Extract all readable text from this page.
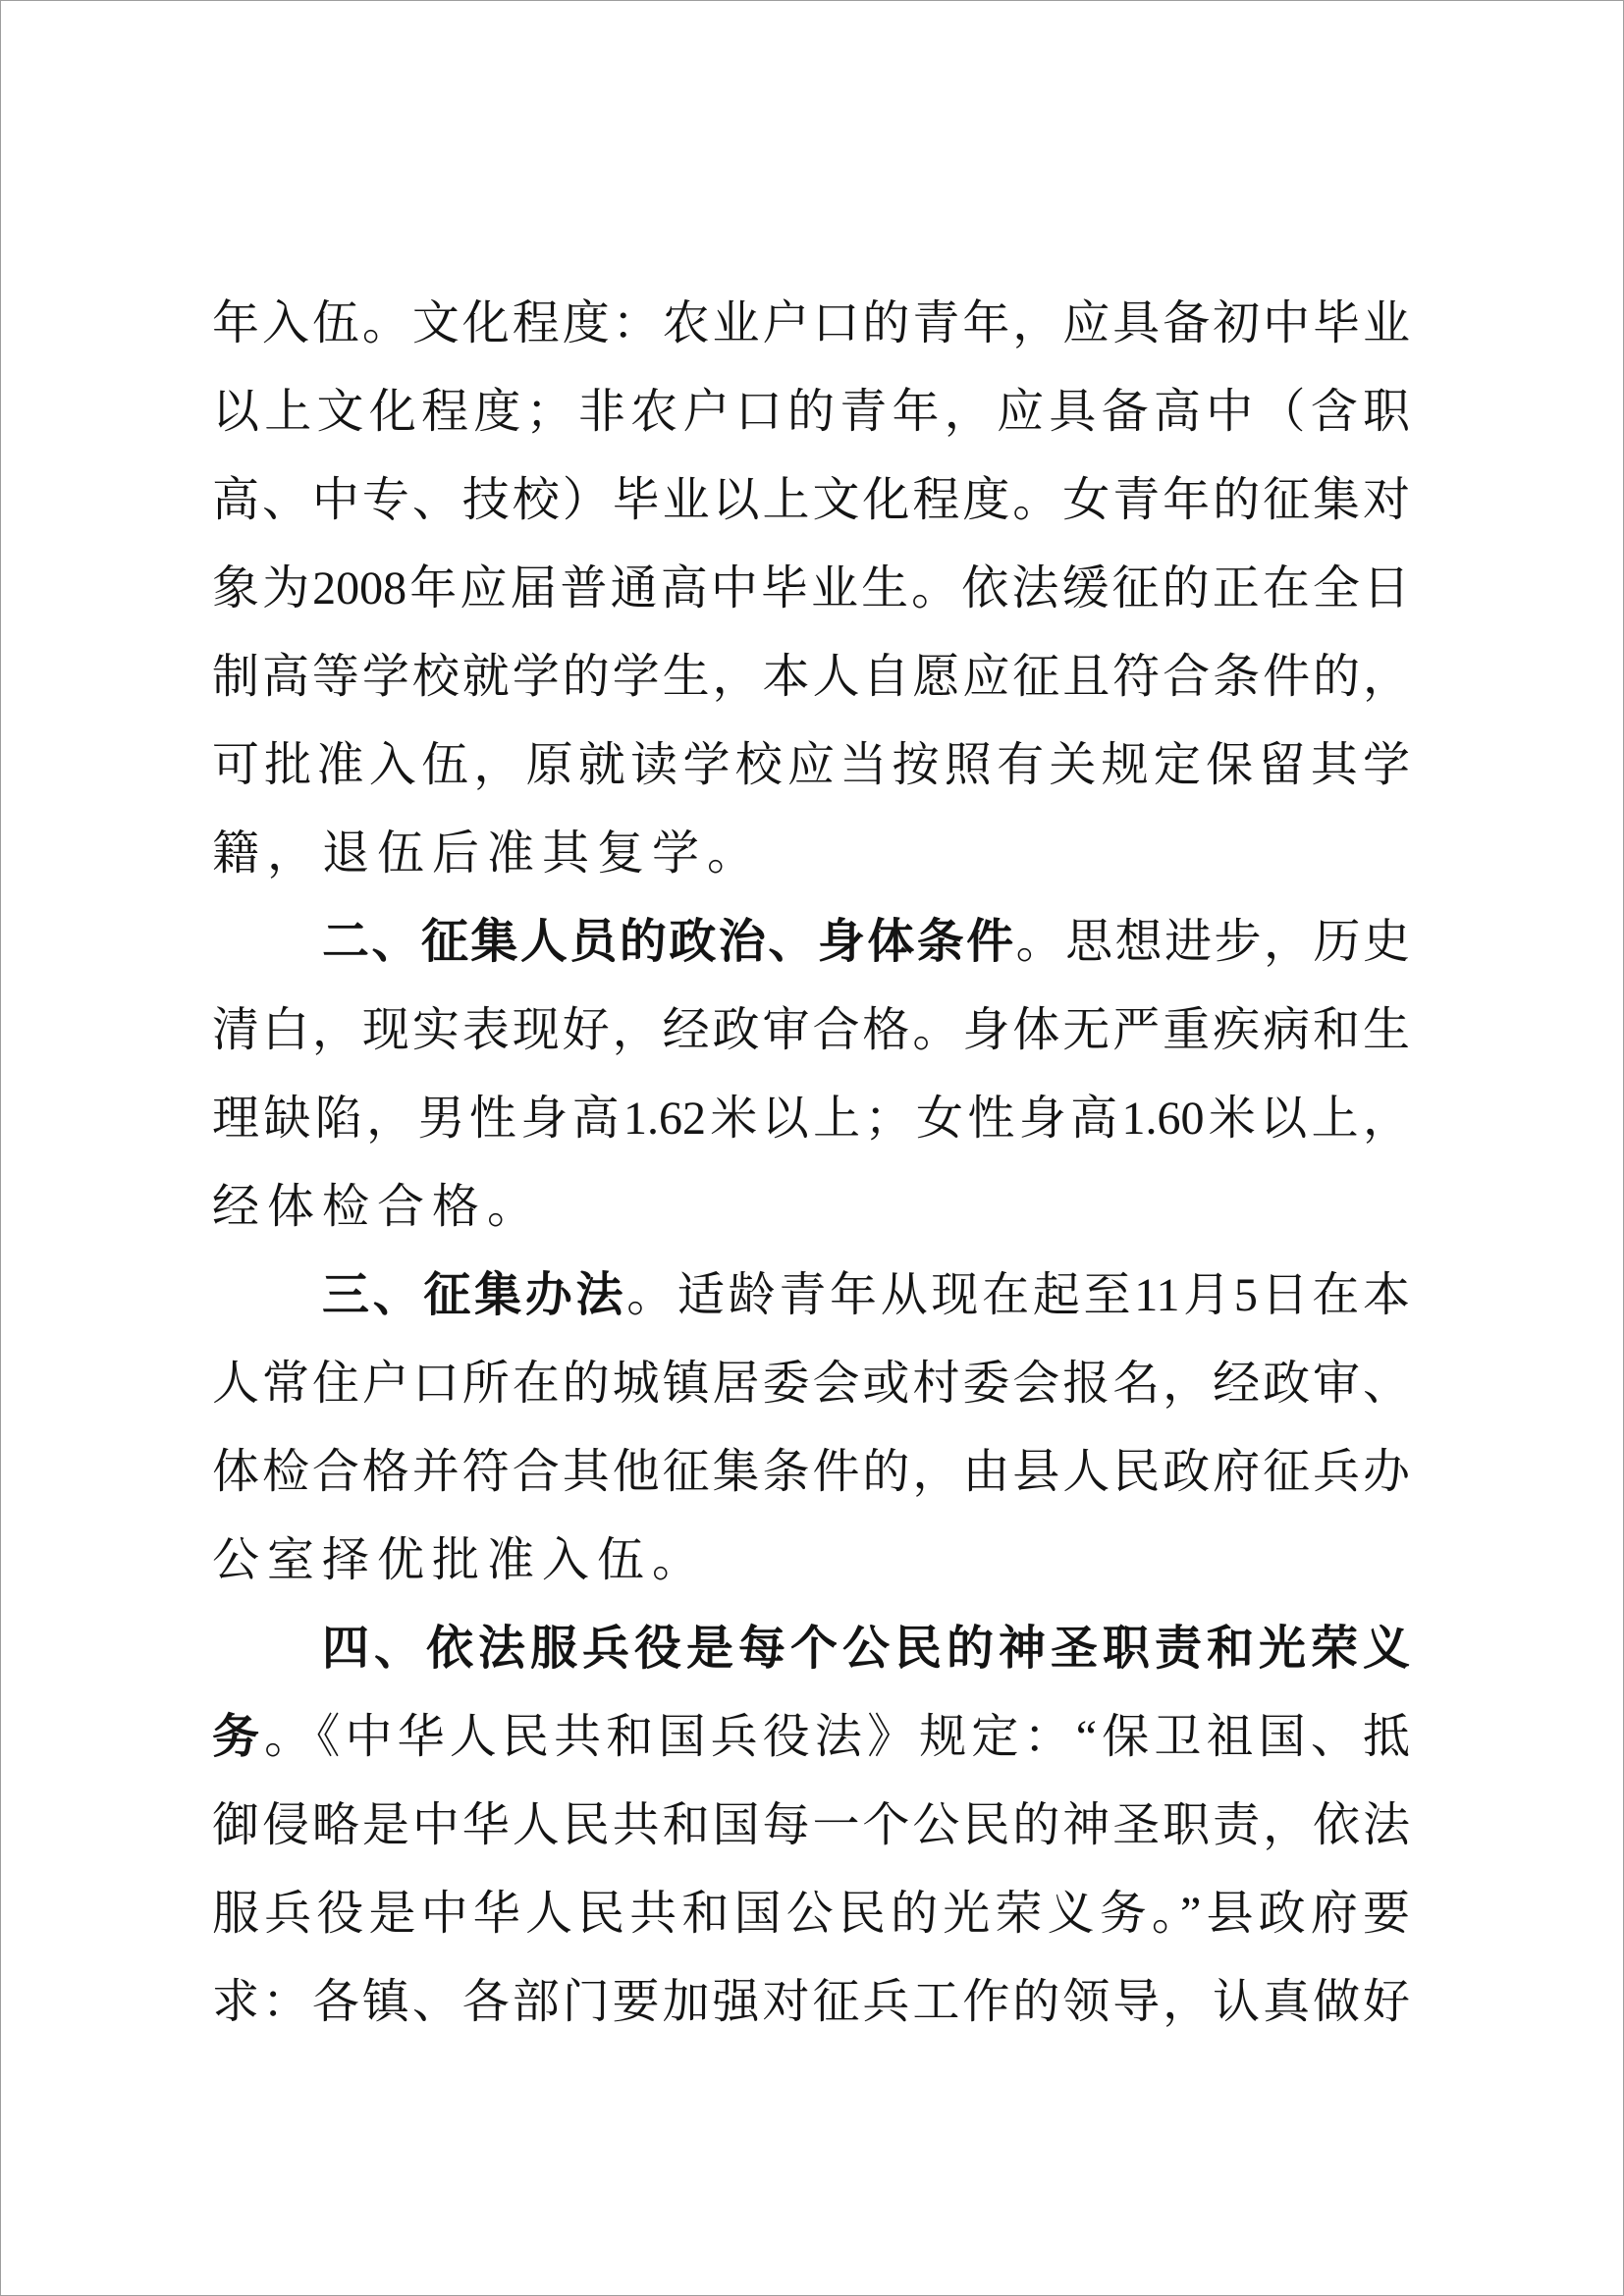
年入伍。文化程度：农业户口的青年，应具备初中毕业
以上文化程度；非农户口的青年，应具备高中（含职
高、中专、技校）毕业以上文化程度。女青年的征集对
象为2008年应届普通高中毕业生。依法缓征的正在全日
制高等学校就学的学生，本人自愿应征且符合条件的，
可批准入伍，原就读学校应当按照有关规定保留其学
籍，退伍后准其复学。
二、征集人员的政治、身体条件。思想进步，历史
清白，现实表现好，经政审合格。身体无严重疾病和生
理缺陷，男性身高1.62米以上；女性身高1.60米以上，
经体检合格。
三、征集办法。适龄青年从现在起至11月5日在本
人常住户口所在的城镇居委会或村委会报名，经政审、
体检合格并符合其他征集条件的，由县人民政府征兵办
公室择优批准入伍。
四、依法服兵役是每个公民的神圣职责和光荣义
务。《中华人民共和国兵役法》规定：“保卫祖国、抵
御侵略是中华人民共和国每一个公民的神圣职责，依法
服兵役是中华人民共和国公民的光荣义务。”县政府要
求：各镇、各部门要加强对征兵工作的领导，认真做好
